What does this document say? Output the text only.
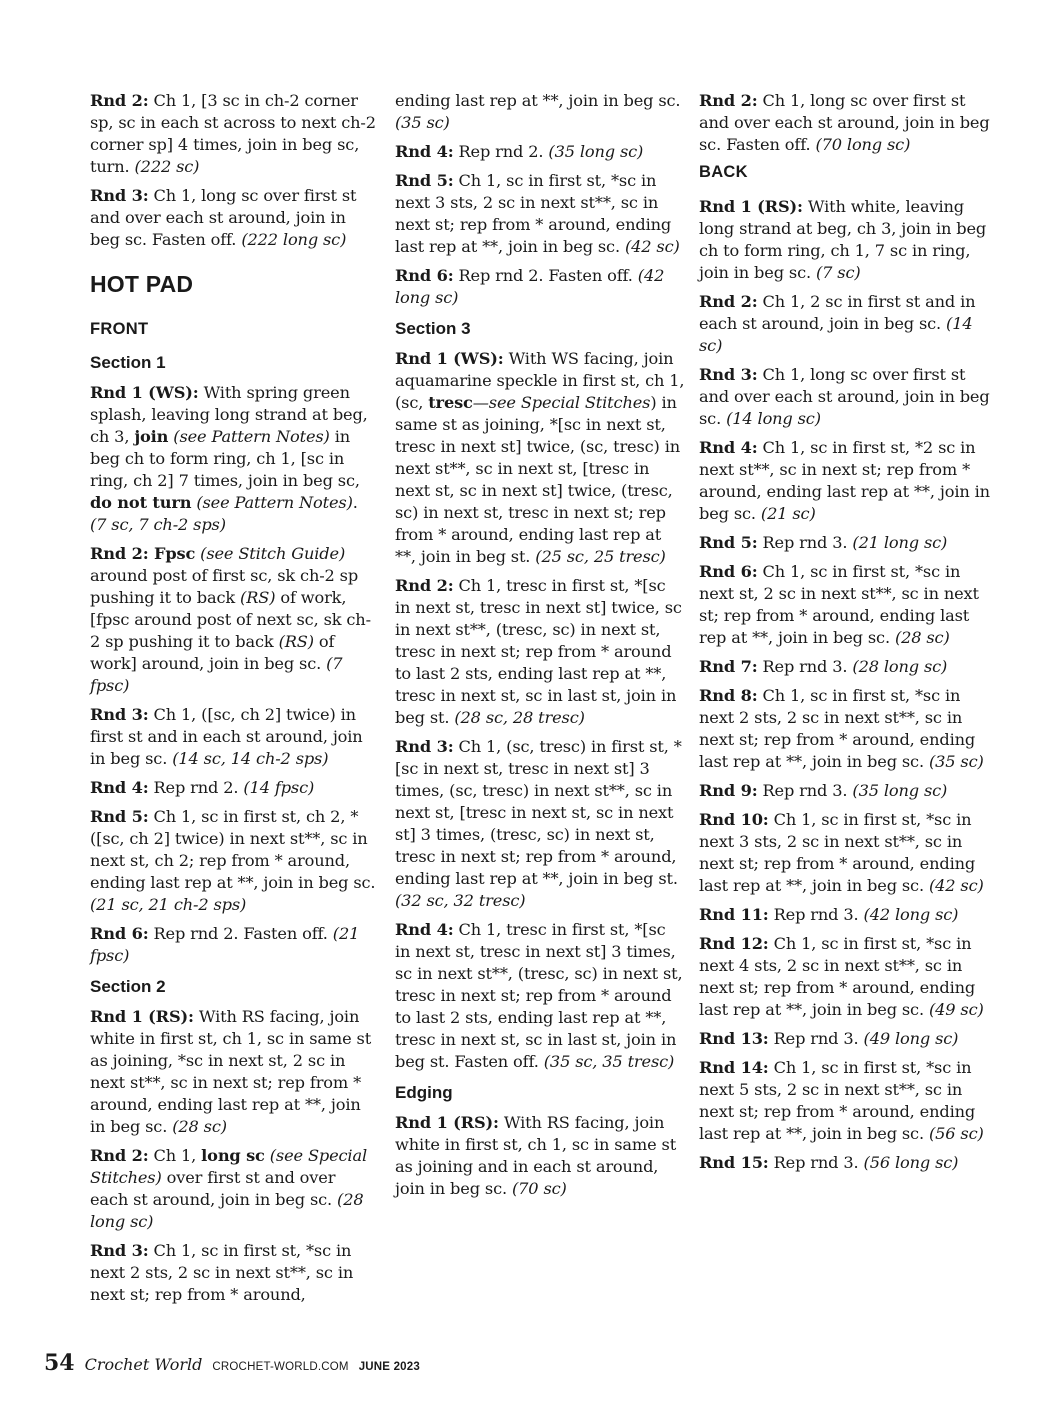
Rnd 2: Ch 1, [3 sc in ch-2 corner sp, sc in each st across to next ch-2 corner sp] 4 times, join in beg sc, turn. (222 sc)

Rnd 3: Ch 1, long sc over first st and over each st around, join in beg sc. Fasten off. (222 long sc)

HOT PAD
FRONT
Section 1

Rnd 1 (WS): With spring green splash, leaving long strand at beg, ch 3, join (see Pattern Notes) in beg ch to form ring, ch 1, [sc in ring, ch 2] 7 times, join in beg sc, do not turn (see Pattern Notes). (7 sc, 7 ch-2 sps)

Rnd 2: Fpsc (see Stitch Guide) around post of first sc, sk ch-2 sp pushing it to back (RS) of work, [fpsc around post of next sc, sk ch-2 sp pushing it to back (RS) of work] around, join in beg sc. (7 fpsc)

Rnd 3: Ch 1, ([sc, ch 2] twice) in first st and in each st around, join in beg sc. (14 sc, 14 ch-2 sps)

Rnd 4: Rep rnd 2. (14 fpsc)

Rnd 5: Ch 1, sc in first st, ch 2, *([sc, ch 2] twice) in next st**, sc in next st, ch 2; rep from * around, ending last rep at **, join in beg sc. (21 sc, 21 ch-2 sps)

Rnd 6: Rep rnd 2. Fasten off. (21 fpsc)

Section 2

Rnd 1 (RS): With RS facing, join white in first st, ch 1, sc in same st as joining, *sc in next st, 2 sc in next st**, sc in next st; rep from * around, ending last rep at **, join in beg sc. (28 sc)

Rnd 2: Ch 1, long sc (see Special Stitches) over first st and over each st around, join in beg sc. (28 long sc)

Rnd 3: Ch 1, sc in first st, *sc in next 2 sts, 2 sc in next st**, sc in next st; rep from * around,

ending last rep at **, join in beg sc. (35 sc)

Rnd 4: Rep rnd 2. (35 long sc)

Rnd 5: Ch 1, sc in first st, *sc in next 3 sts, 2 sc in next st**, sc in next st; rep from * around, ending last rep at **, join in beg sc. (42 sc)

Rnd 6: Rep rnd 2. Fasten off. (42 long sc)

Section 3

Rnd 1 (WS): With WS facing, join aquamarine speckle in first st, ch 1, (sc, tresc—see Special Stitches) in same st as joining, *[sc in next st, tresc in next st] twice, (sc, tresc) in next st**, sc in next st, [tresc in next st, sc in next st] twice, (tresc, sc) in next st, tresc in next st; rep from * around, ending last rep at **, join in beg st. (25 sc, 25 tresc)

Rnd 2: Ch 1, tresc in first st, *[sc in next st, tresc in next st] twice, sc in next st**, (tresc, sc) in next st, tresc in next st; rep from * around to last 2 sts, ending last rep at **, tresc in next st, sc in last st, join in beg st. (28 sc, 28 tresc)

Rnd 3: Ch 1, (sc, tresc) in first st, *[sc in next st, tresc in next st] 3 times, (sc, tresc) in next st**, sc in next st, [tresc in next st, sc in next st] 3 times, (tresc, sc) in next st, tresc in next st; rep from * around, ending last rep at **, join in beg st. (32 sc, 32 tresc)

Rnd 4: Ch 1, tresc in first st, *[sc in next st, tresc in next st] 3 times, sc in next st**, (tresc, sc) in next st, tresc in next st; rep from * around to last 2 sts, ending last rep at **, tresc in next st, sc in last st, join in beg st. Fasten off. (35 sc, 35 tresc)

Edging

Rnd 1 (RS): With RS facing, join white in first st, ch 1, sc in same st as joining and in each st around, join in beg sc. (70 sc)

Rnd 2: Ch 1, long sc over first st and over each st around, join in beg sc. Fasten off. (70 long sc)

BACK

Rnd 1 (RS): With white, leaving long strand at beg, ch 3, join in beg ch to form ring, ch 1, 7 sc in ring, join in beg sc. (7 sc)

Rnd 2: Ch 1, 2 sc in first st and in each st around, join in beg sc. (14 sc)

Rnd 3: Ch 1, long sc over first st and over each st around, join in beg sc. (14 long sc)

Rnd 4: Ch 1, sc in first st, *2 sc in next st**, sc in next st; rep from * around, ending last rep at **, join in beg sc. (21 sc)

Rnd 5: Rep rnd 3. (21 long sc)

Rnd 6: Ch 1, sc in first st, *sc in next st, 2 sc in next st**, sc in next st; rep from * around, ending last rep at **, join in beg sc. (28 sc)

Rnd 7: Rep rnd 3. (28 long sc)

Rnd 8: Ch 1, sc in first st, *sc in next 2 sts, 2 sc in next st**, sc in next st; rep from * around, ending last rep at **, join in beg sc. (35 sc)

Rnd 9: Rep rnd 3. (35 long sc)

Rnd 10: Ch 1, sc in first st, *sc in next 3 sts, 2 sc in next st**, sc in next st; rep from * around, ending last rep at **, join in beg sc. (42 sc)

Rnd 11: Rep rnd 3. (42 long sc)

Rnd 12: Ch 1, sc in first st, *sc in next 4 sts, 2 sc in next st**, sc in next st; rep from * around, ending last rep at **, join in beg sc. (49 sc)

Rnd 13: Rep rnd 3. (49 long sc)

Rnd 14: Ch 1, sc in first st, *sc in next 5 sts, 2 sc in next st**, sc in next st; rep from * around, ending last rep at **, join in beg sc. (56 sc)

Rnd 15: Rep rnd 3. (56 long sc)

54 Crochet World CROCHET-WORLD.COM JUNE 2023
